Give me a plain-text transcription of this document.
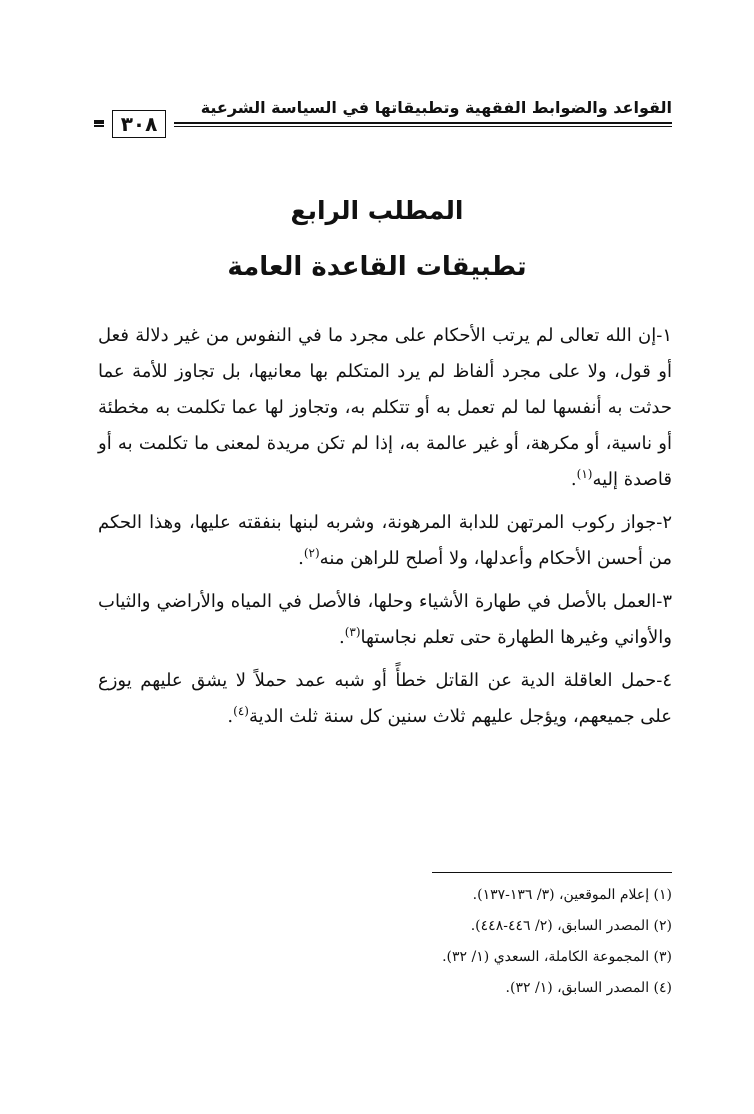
القواعد والضوابط الفقهية وتطبيقاتها في السياسة الشرعية
٣٠٨
المطلب الرابع
تطبيقات القاعدة العامة

١-إن الله تعالى لم يرتب الأحكام على مجرد ما في النفوس من غير دلالة فعل أو قول، ولا على مجرد ألفاظ لم يرد المتكلم بها معانيها، بل تجاوز للأمة عما حدثت به أنفسها لما لم تعمل به أو تتكلم به، وتجاوز لها عما تكلمت به مخطئة أو ناسية، أو مكرهة، أو غير عالمة به، إذا لم تكن مريدة لمعنى ما تكلمت به أو قاصدة إليه$^{(١)}$.

٢-جواز ركوب المرتهن للدابة المرهونة، وشربه لبنها بنفقته عليها، وهذا الحكم من أحسن الأحكام وأعدلها، ولا أصلح للراهن منه$^{(٢)}$.

٣-العمل بالأصل في طهارة الأشياء وحلها، فالأصل في المياه والأراضي والثياب والأواني وغيرها الطهارة حتى تعلم نجاستها$^{(٣)}$.

٤-حمل العاقلة الدية عن القاتل خطأً أو شبه عمد حملاً لا يشق عليهم يوزع على جميعهم، ويؤجل عليهم ثلاث سنين كل سنة ثلث الدية$^{(٤)}$.

(١) إعلام الموقعين، (٣/ ١٣٦-١٣٧).
(٢) المصدر السابق، (٢/ ٤٤٦-٤٤٨).
(٣) المجموعة الكاملة، السعدي (١/ ٣٢).
(٤) المصدر السابق، (١/ ٣٢).
